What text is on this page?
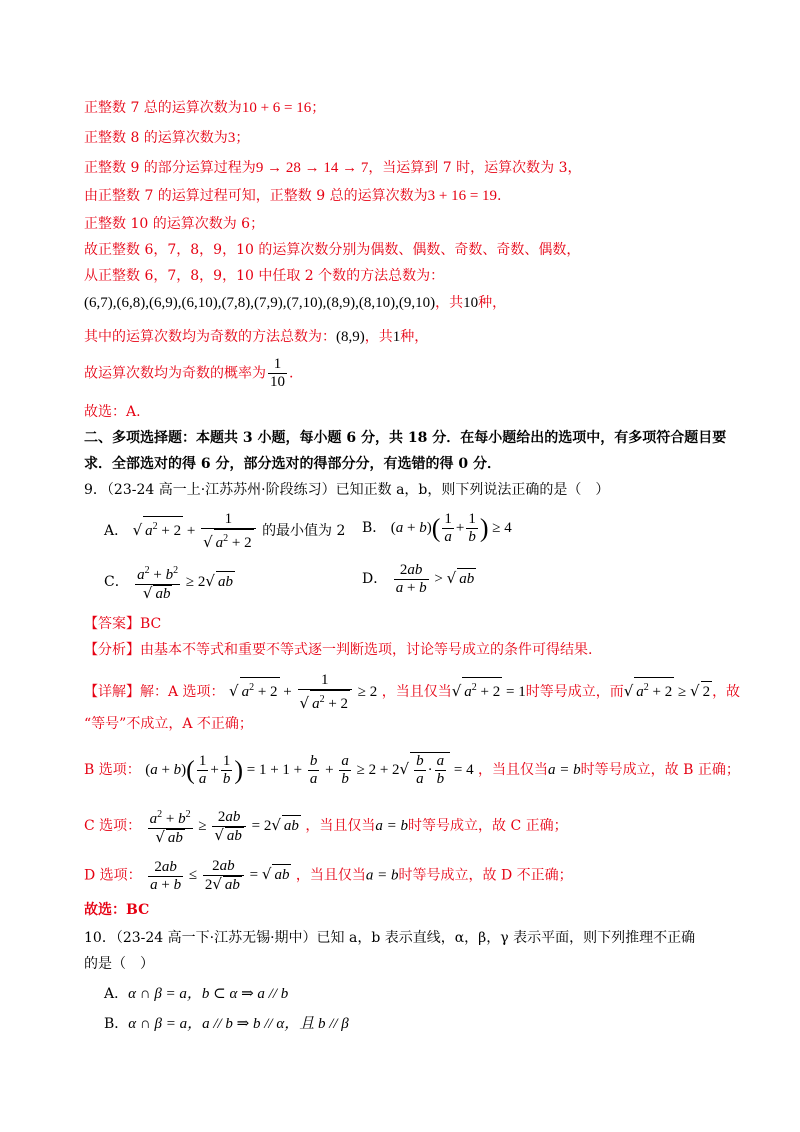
正整数 7 总的运算次数为10 + 6 = 16；
正整数 8 的运算次数为3；
正整数 9 的部分运算过程为9 → 28 → 14 → 7，当运算到 7 时，运算次数为 3，
由正整数 7 的运算过程可知，正整数 9 总的运算次数为3 + 16 = 19.
正整数 10 的运算次数为 6；
故正整数 6，7，8，9，10 的运算次数分别为偶数、偶数、奇数、奇数、偶数，
从正整数 6，7，8，9，10 中任取 2 个数的方法总数为：
(6,7),(6,8),(6,9),(6,10),(7,8),(7,9),(7,10),(8,9),(8,10),(9,10)，共10种，
其中的运算次数均为奇数的方法总数为：(8,9)，共1种，
故运算次数均为奇数的概率为 $\frac{1}{10}$ .
故选：A.
二、多项选择题：本题共 3 小题，每小题 6 分，共 18 分．在每小题给出的选项中，有多项符合题目要
求．全部选对的得 6 分，部分选对的得部分分，有选错的得 0 分．
9．（23-24 高一上·江苏苏州·阶段练习）已知正数 a，b，则下列说法正确的是（　）
A． √ $a^2 + 2 + \frac{1}{√ a^2 + 2}$ 的最小值为 2 B． $(a + b)( \frac{1}{a} + \frac{1}{b}$ ) ≥ 4
C． $\frac{a^2 + b^2}{√ ab} \ge 2√$ ab	D． $\frac{2ab}{a + b}$ > √ ab
【答案】BC
【分析】由基本不等式和重要不等式逐一判断选项，讨论等号成立的条件可得结果.
【详解】解：A 选项： √ $a^2 + 2 + \frac{1}{√ a^2 + 2} \ge 2$ ，当且仅当√ $a^2 + 2 = 1$时等号成立，而√ $a^2 + 2$ ≥ √ 2 ，故
“等号”不成立，A 不正确；
B 选项： $(a + b)( \frac{1}{a} + \frac{1}{b}$ ) = $1 + 1 + \frac{b}{a} + \frac{a}{b} \ge 2 + 2√ \frac{b}{a} \cdot \frac{a}{b} = 4$ ，当且仅当a = b时等号成立，故 B 正确；
C 选项： $\frac{a^2 + b^2}{√ ab} \ge \frac{2ab}{√ ab} = 2√$ ab ，当且仅当a = b时等号成立，故 C 正确；
D 选项： $\frac{2ab}{a + b} \le \frac{2ab}{2√ ab}$ = √ ab ，当且仅当a = b时等号成立，故 D 不正确；
故选：BC
10．（23-24 高一下·江苏无锡·期中）已知 a，b 表示直线，α，β，γ 表示平面，则下列推理不正确
的是（　）
A．α ∩ β = a，b ⊂ α ⇒ a // b
B．α ∩ β = a，a // b ⇒ b // α，且 b // β
